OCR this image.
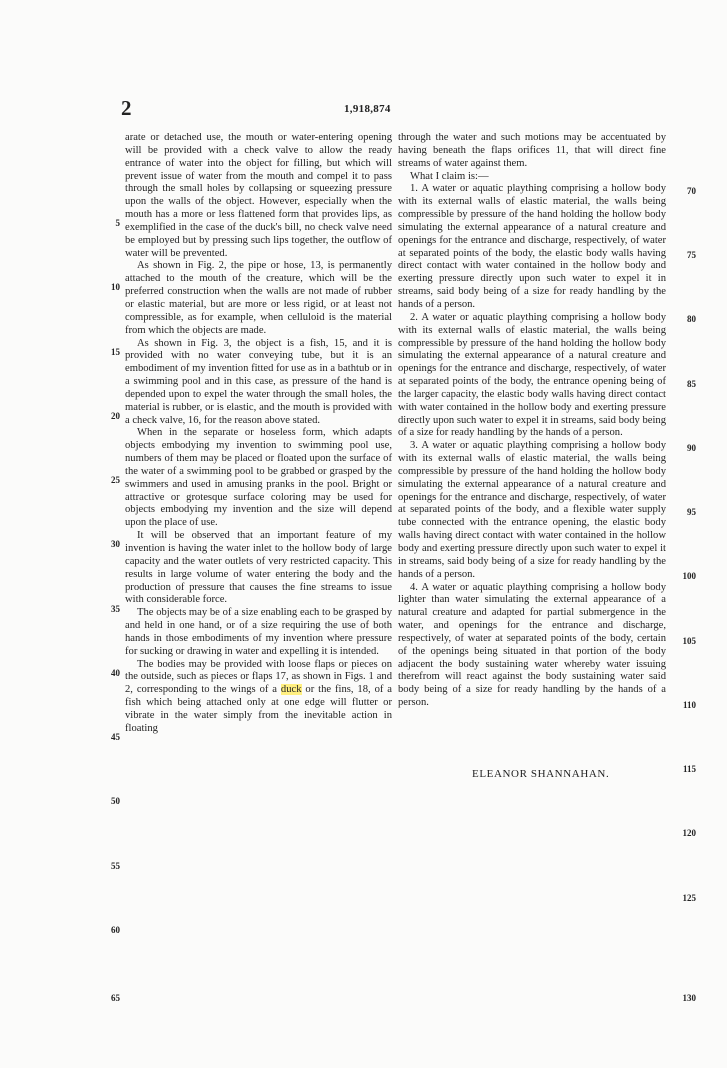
2	1,918,874

arate or detached use, the mouth or water-entering opening will be provided with a check valve to allow the ready entrance of water into the object for filling, but which will prevent issue of water from the mouth and compel it to pass through the small holes by collapsing or squeezing pressure upon the walls of the object. However, especially when the mouth has a more or less flattened form that provides lips, as exemplified in the case of the duck's bill, no check valve need be employed but by pressing such lips together, the outflow of water will be prevented.

As shown in Fig. 2, the pipe or hose, 13, is permanently attached to the mouth of the creature, which will be the preferred construction when the walls are not made of rubber or elastic material, but are more or less rigid, or at least not compressible, as for example, when celluloid is the material from which the objects are made.

As shown in Fig. 3, the object is a fish, 15, and it is provided with no water conveying tube, but it is an embodiment of my invention fitted for use as in a bathtub or in a swimming pool and in this case, as pressure of the hand is depended upon to expel the water through the small holes, the material is rubber, or is elastic, and the mouth is provided with a check valve, 16, for the reason above stated.

When in the separate or hoseless form, which adapts objects embodying my invention to swimming pool use, numbers of them may be placed or floated upon the surface of the water of a swimming pool to be grabbed or grasped by the swimmers and used in amusing pranks in the pool. Bright or attractive or grotesque surface coloring may be used for objects embodying my invention and the size will depend upon the place of use.

It will be observed that an important feature of my invention is having the water inlet to the hollow body of large capacity and the water outlets of very restricted capacity. This results in large volume of water entering the body and the production of pressure that causes the fine streams to issue with considerable force.

The objects may be of a size enabling each to be grasped by and held in one hand, or of a size requiring the use of both hands in those embodiments of my invention where pressure for sucking or drawing in water and expelling it is intended.

The bodies may be provided with loose flaps or pieces on the outside, such as pieces or flaps 17, as shown in Figs. 1 and 2, corresponding to the wings of a duck or the fins, 18, of a fish which being attached only at one edge will flutter or vibrate in the water simply from the inevitable action in floating

through the water and such motions may be accentuated by having beneath the flaps orifices 11, that will direct fine streams of water against them.

What I claim is:—

1. A water or aquatic plaything comprising a hollow body with its external walls of elastic material, the walls being compressible by pressure of the hand holding the hollow body simulating the external appearance of a natural creature and openings for the entrance and discharge, respectively, of water at separated points of the body, the elastic body walls having direct contact with water contained in the hollow body and exerting pressure directly upon such water to expel it in streams, said body being of a size for ready handling by the hands of a person.

2. A water or aquatic plaything comprising a hollow body with its external walls of elastic material, the walls being compressible by pressure of the hand holding the hollow body simulating the external appearance of a natural creature and openings for the entrance and discharge, respectively, of water at separated points of the body, the entrance opening being of the larger capacity, the elastic body walls having direct contact with water contained in the hollow body and exerting pressure directly upon such water to expel it in streams, said body being of a size for ready handling by the hands of a person.

3. A water or aquatic plaything comprising a hollow body with its external walls of elastic material, the walls being compressible by pressure of the hand holding the hollow body simulating the external appearance of a natural creature and openings for the entrance and discharge, respectively, of water at separated points of the body, and a flexible water supply tube connected with the entrance opening, the elastic body walls having direct contact with water contained in the hollow body and exerting pressure directly upon such water to expel it in streams, said body being of a size for ready handling by the hands of a person.

4. A water or aquatic plaything comprising a hollow body lighter than water simulating the external appearance of a natural creature and adapted for partial submergence in the water, and openings for the entrance and discharge, respectively, of water at separated points of the body, certain of the openings being situated in that portion of the body adjacent the body sustaining water whereby water issuing therefrom will react against the body sustaining water said body being of a size for ready handling by the hands of a person.

ELEANOR SHANNAHAN.
5
10
15
20
25
30
35
40
45
50
55
60
65
70
75
80
85
90
95
100
105
110
115
120
125
130
